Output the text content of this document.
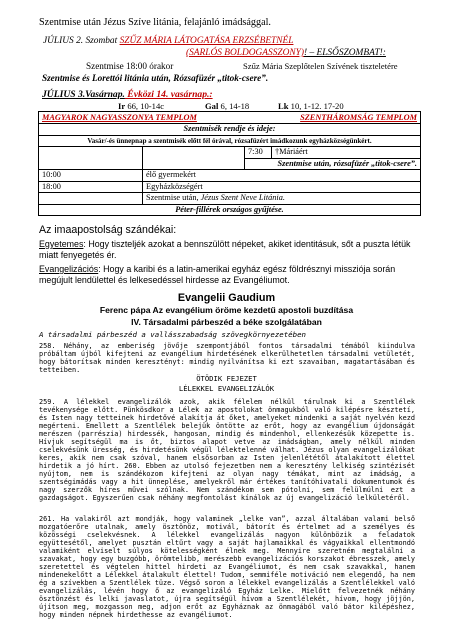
Szentmise után Jézus Szíve litánia, felajánló imádsággal.
JÚLIUS 2. Szombat SZŰZ MÁRIA LÁTOGATÁSA ERZSÉBETNÉL
(SARLÓS BOLDOGASSZONY)! – ELSŐSZOMBAT!:
Szentmise 18:00 órakor	Szűz Mária Szeplőtelen Szívének tiszteletére
Szentmise és Lorettói litánia után, Rózsafüzér „titok-csere”.
JÚLIUS 3.Vasárnap. Évközi 14. vasárnap.:
Ir 66, 10-14c	Gal 6, 14-18	Lk 10, 1-12. 17-20
MAGYAROK NAGYASSZONYA TEMPLOM SZENTHÁROMSÁG TEMPLOM			

Szentmisék rendje és ideje:			
Vasár/-és ünnepnap a szentmisék előtt fél órával, rózsafüzért imádkozunk egyházközségünkért.			
		7:30	†Máriáért
		Szentmise után, rózsafüzér „titok-csere”.	
10:00	élő gyermekért		
18:00	Egyházközségért		
	Szentmise után, Jézus Szent Neve Litánia.		
Péter-fillérek országos gyűjtése.			
Az imaapostolság szándékai:
Egyetemes: Hogy tiszteljék azokat a bennszülött népeket, akiket identitásuk, sőt a puszta létük
miatt fenyegetés ér.
Evangelizációs: Hogy a karibi és a latin-amerikai egyház egész földrésznyi missziója során
megújult lendülettel és lelkesedéssel hirdesse az Evangéliumot.
Evangelii Gaudium
Ferenc pápa Az evangélium öröme kezdetű apostoli buzdítása
IV. Társadalmi párbeszéd a béke szolgálatában
A társadalmi párbeszéd a vallásszabadság szövegkörnyezetében
258. Néhány, az emberiség jövője szempontjából fontos társadalmi témából kiindulva próbáltam újból kifejteni az evangélium hirdetésének elkerülhetetlen társadalmi vetületét, hogy bátorítsak minden keresztényt: mindig nyilvánítsa ki ezt szavaiban, magatartásában és tetteiben.
ÖTÖDIK FEJEZET
LÉLEKKEL EVANGELIZÁLÓK
259. A lélekkel evangelizálók azok, akik félelem nélkül tárulnak ki a Szentlélek tevékenysége előtt. Pünkösdkor a Lélek az apostolokat önmagukból való kilépésre késztetí, és Isten nagy tetteinek hirdetővé alakítja át őket, amelyeket mindenki a saját nyelvén kezd megérteni. Emellett a Szentlélek belejük öntötte az erőt, hogy az evangélium újdonságát merészen (parrészia) hirdessék, hangosan, mindig és mindenhol, ellenkezésük közepette is. Hívjuk segítségül ma is őt, biztos alapot vetve az imádságban, amely nélkül minden cselekvésünk üresség, és hirdetésünk végül lélektelenné válhat. Jézus olyan evangelizálókat keres, akik nem csak szóval, hanem elsősorban az Isten jelenlététől átalakított élettel hirdetik a jó hírt. 260. Ebben az utolsó fejezetben nem a keresztény lelkiség szintézisét nyújtom, nem is szándékozom kifejteni az olyan nagy témákat, mint az imádság, a szentségimádás vagy a hit ünneplése, amelyekről már értékes tanítóhivatali dokumentumok és nagy szerzők híres művei szólnak. Nem szándékom sem pótolni, sem felülmúlni ezt a gazdagságot. Egyszerűen csak néhány megfontolást kínálok az új evangelizáció lelkületéről.
261. Ha valakiről azt mondják, hogy valaminek „lelke van”, azzal általában valami belső mozgatóerőre utalnak, amely ösztönöz, motivál, bátorít és értelmet ad a személyes és közösségi cselekvésnek. A lélekkel evangelizálás nagyon különbözik a feladatok együttesétől, amelyet pusztán eltűrt vagy a saját hajlamaikkal és vágyaikkal ellentmondó valamiként elviselt súlyos kötelességként élnek meg. Mennyire szeretném megtalálni a szavakat, hogy egy buzgóbb, örömtelibb, merészebb evangelizációs korszakot ébresszek, amely szeretettel és végtelen hittel hirdeti az Evangéliumot, és nem csak szavakkal, hanem mindenekelőtt a Lélekkel átalakult élettel! Tudom, semmiféle motiváció nem elegendő, ha nem ég a szívekben a Szentlélek tüze. Végső soron a lélekkel evangelizálás a Szentlélekkel való evangelizálás, lévén hogy ő az evangelizáló Egyház Lelke. Mielőtt felvezetnék néhány ösztönzést és lelki javaslatot, újra segítségül hívom a Szentlélekét, hívom, hogy jöjjön, újítson meg, mozgasson meg, adjon erőt az Egyháznak az önmagából való bátor kilépéshez, hogy minden népnek hirdethesse az evangéliumot.
